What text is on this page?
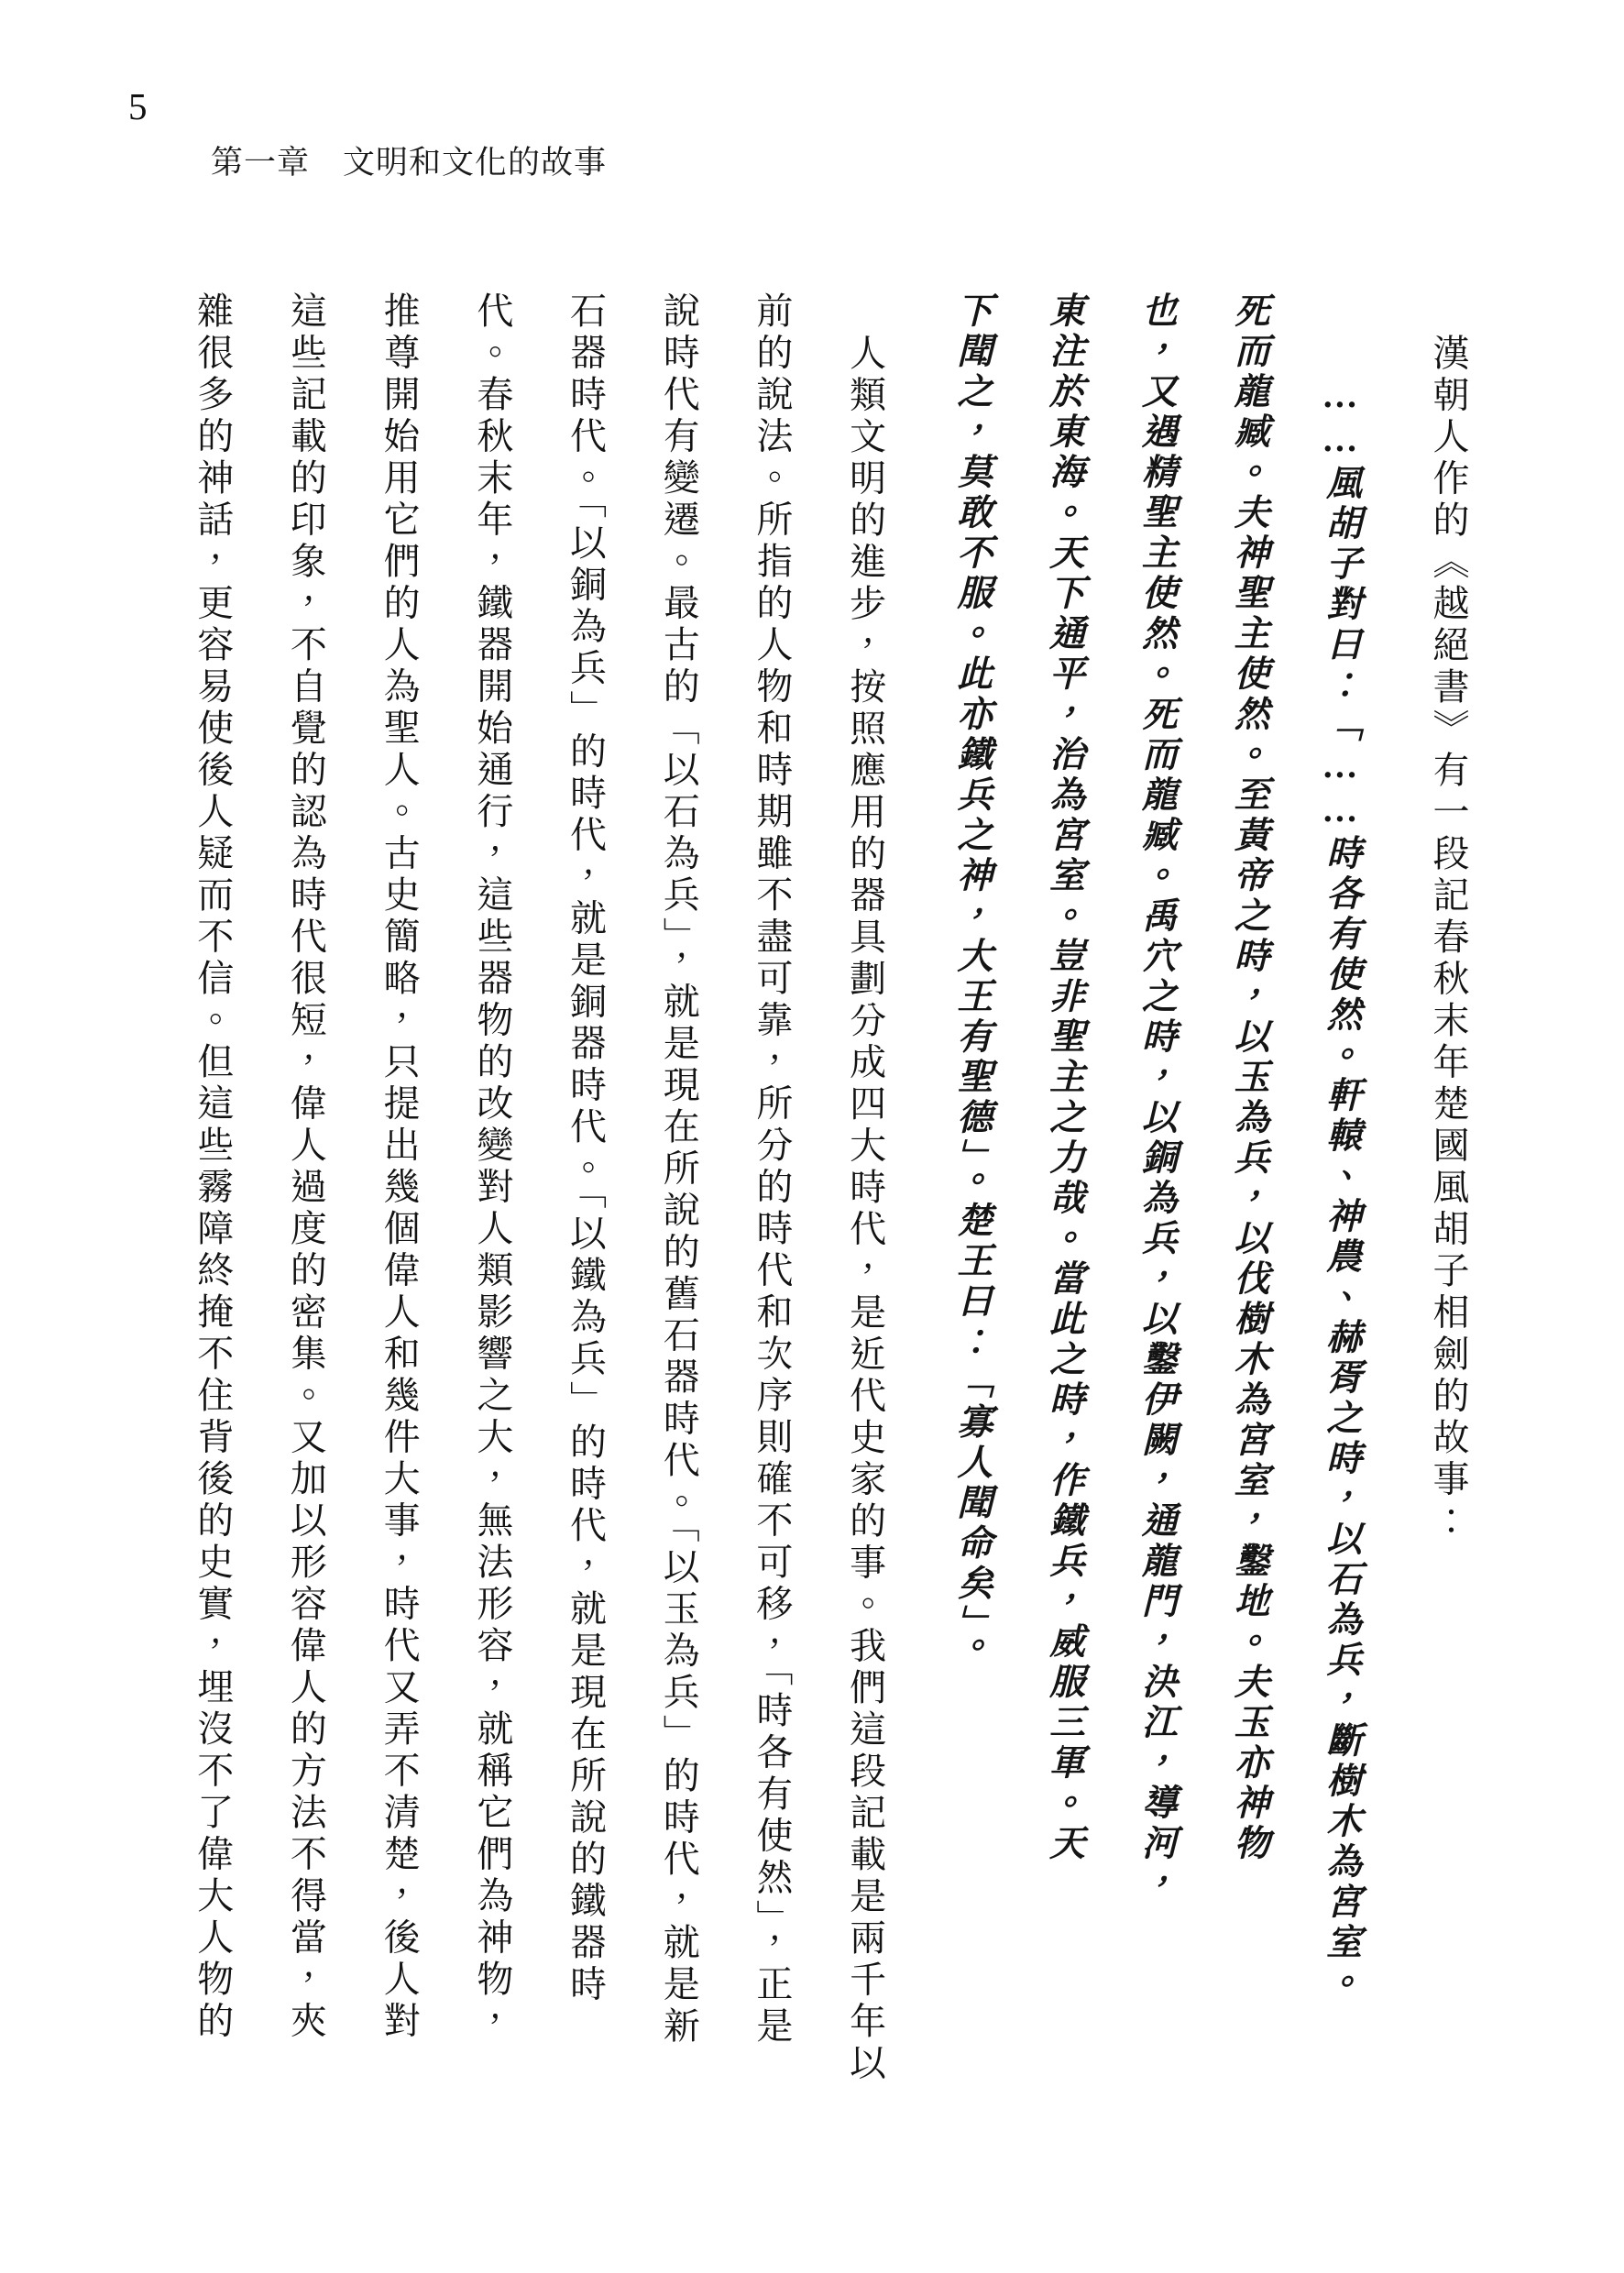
5
第一章　文明和文化的故事
漢朝人作的《越絕書》有一段記春秋末年楚國風胡子相劍的故事：
……風胡子對曰：「……時各有使然。軒轅、神農、赫胥之時，以石為兵，斷樹木為宮室。
死而龍臧。夫神聖主使然。至黃帝之時，以玉為兵，以伐樹木為宮室，鑿地。夫玉亦神物
也，又遇精聖主使然。死而龍臧。禹穴之時，以銅為兵，以鑿伊闕，通龍門，決江，導河，
東注於東海。天下通平，治為宮室。豈非聖主之力哉。當此之時，作鐵兵，威服三軍。天
下聞之，莫敢不服。此亦鐵兵之神，大王有聖德」。楚王曰：「寡人聞命矣」。
人類文明的進步，按照應用的器具劃分成四大時代，是近代史家的事。我們這段記載是兩千年以
前的說法。所指的人物和時期雖不盡可靠，所分的時代和次序則確不可移，「時各有使然」，正是
說時代有變遷。最古的「以石為兵」，就是現在所說的舊石器時代。「以玉為兵」的時代，就是新
石器時代。「以銅為兵」的時代，就是銅器時代。「以鐵為兵」的時代，就是現在所說的鐵器時
代。春秋末年，鐵器開始通行，這些器物的改變對人類影響之大，無法形容，就稱它們為神物，
推尊開始用它們的人為聖人。古史簡略，只提出幾個偉人和幾件大事，時代又弄不清楚，後人對
這些記載的印象，不自覺的認為時代很短，偉人過度的密集。又加以形容偉人的方法不得當，夾
雜很多的神話，更容易使後人疑而不信。但這些霧障終掩不住背後的史實，埋沒不了偉大人物的
